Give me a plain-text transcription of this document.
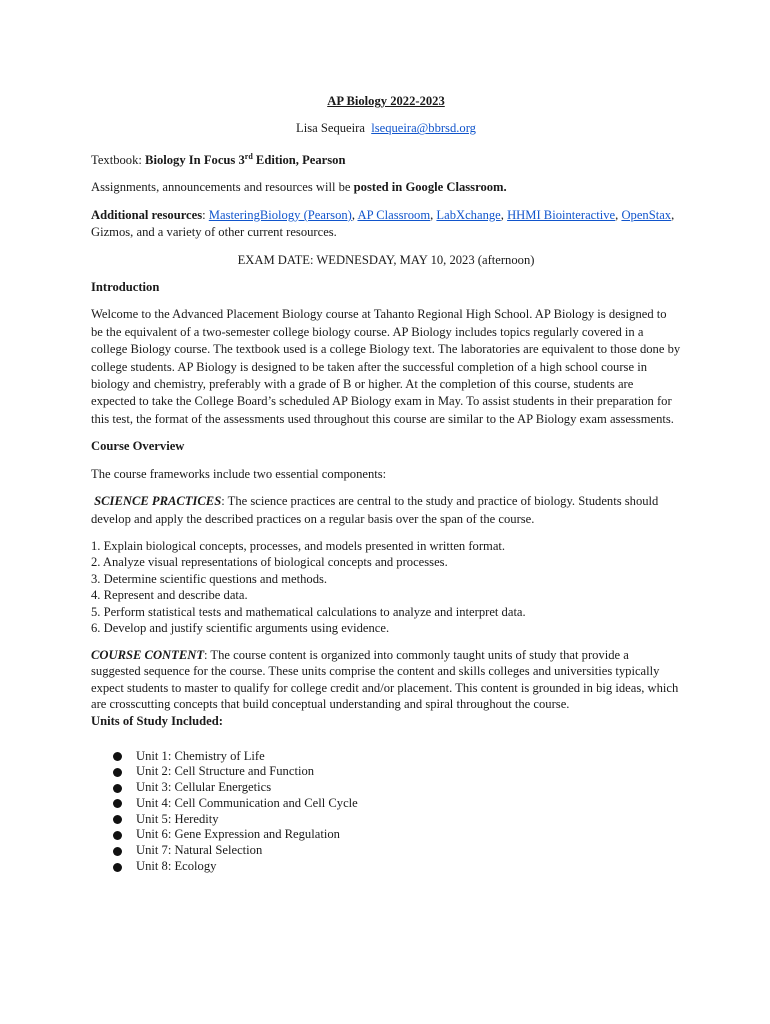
AP Biology 2022-2023

Lisa Sequeira lsequeira@bbrsd.org

Textbook: Biology In Focus 3rd Edition, Pearson

Assignments, announcements and resources will be posted in Google Classroom.

Additional resources: MasteringBiology (Pearson), AP Classroom, LabXchange, HHMI Biointeractive, OpenStax, Gizmos, and a variety of other current resources.

EXAM DATE: WEDNESDAY, MAY 10, 2023 (afternoon)

Introduction

Welcome to the Advanced Placement Biology course at Tahanto Regional High School. AP Biology is designed to be the equivalent of a two-semester college biology course. AP Biology includes topics regularly covered in a college Biology course. The textbook used is a college Biology text. The laboratories are equivalent to those done by college students. AP Biology is designed to be taken after the successful completion of a high school course in biology and chemistry, preferably with a grade of B or higher. At the completion of this course, students are expected to take the College Board’s scheduled AP Biology exam in May. To assist students in their preparation for this test, the format of the assessments used throughout this course are similar to the AP Biology exam assessments.

Course Overview

The course frameworks include two essential components:

SCIENCE PRACTICES: The science practices are central to the study and practice of biology. Students should develop and apply the described practices on a regular basis over the span of the course.

1. Explain biological concepts, processes, and models presented in written format.
2. Analyze visual representations of biological concepts and processes.
3. Determine scientific questions and methods.
4. Represent and describe data.
5. Perform statistical tests and mathematical calculations to analyze and interpret data.
6. Develop and justify scientific arguments using evidence.

COURSE CONTENT: The course content is organized into commonly taught units of study that provide a suggested sequence for the course. These units comprise the content and skills colleges and universities typically expect students to master to qualify for college credit and/or placement. This content is grounded in big ideas, which are crosscutting concepts that build conceptual understanding and spiral throughout the course.

Units of Study Included:

Unit 1: Chemistry of Life
Unit 2: Cell Structure and Function
Unit 3: Cellular Energetics
Unit 4: Cell Communication and Cell Cycle
Unit 5: Heredity
Unit 6: Gene Expression and Regulation
Unit 7: Natural Selection
Unit 8: Ecology
